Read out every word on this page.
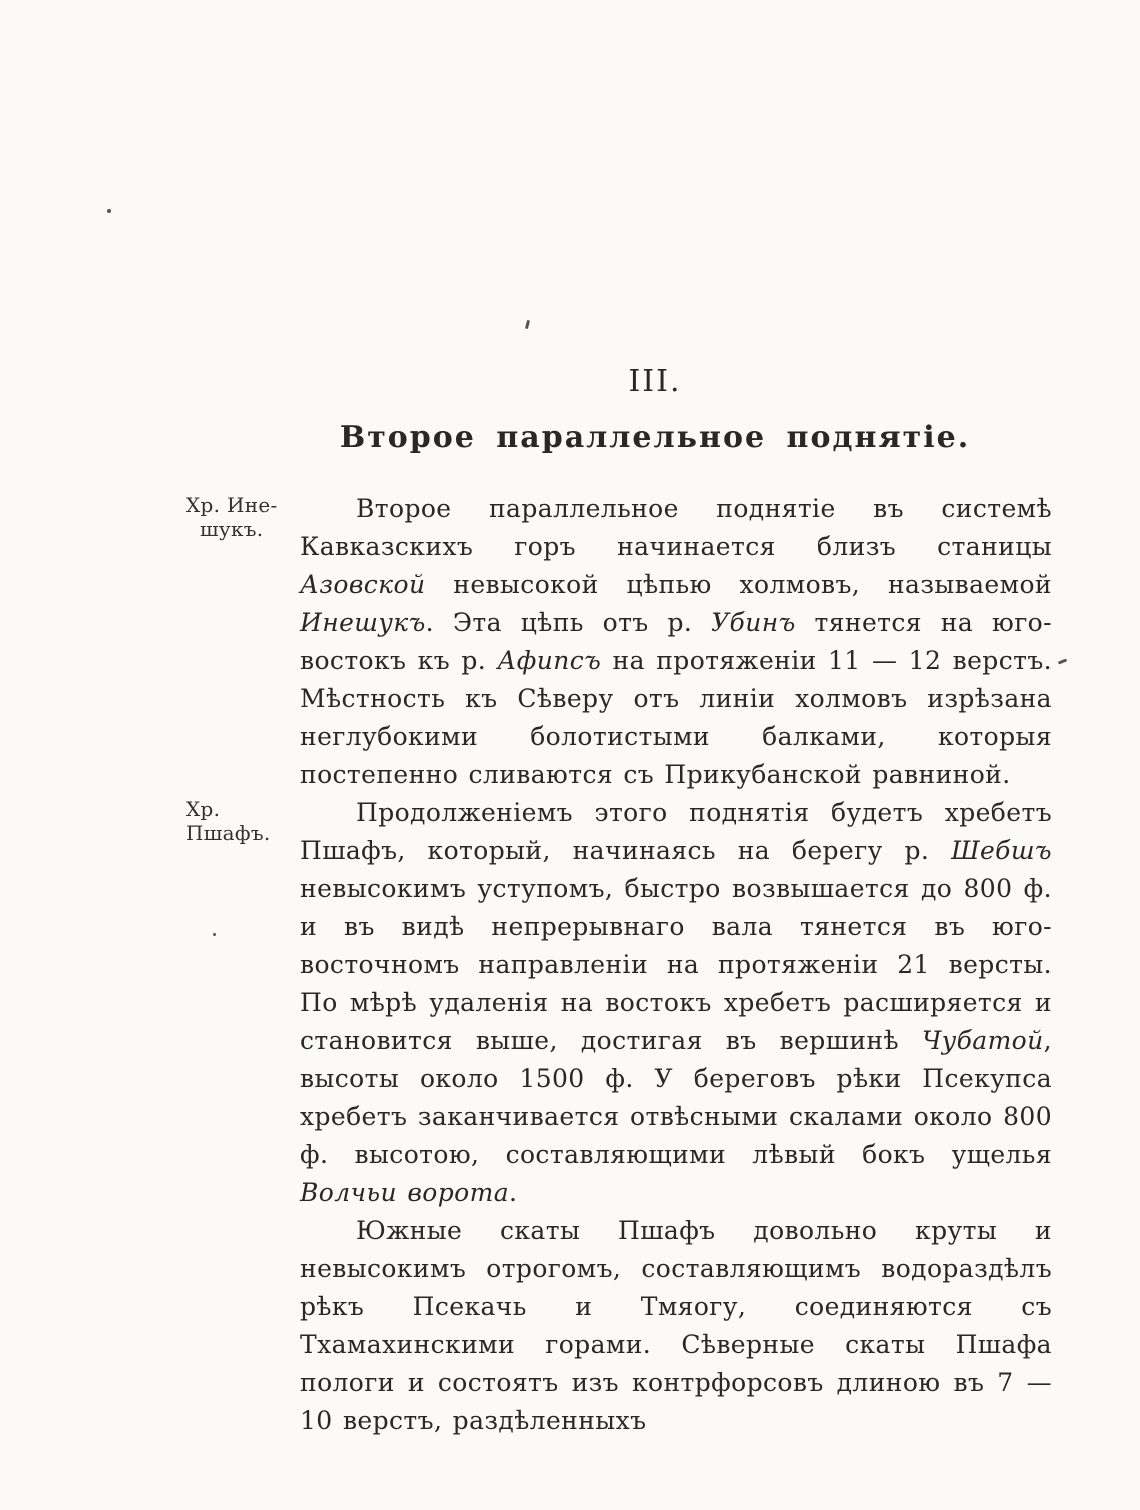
III.
Второе параллельное поднятіе.

Хр. Ине-
шукъ.
Второе параллельное поднятіе въ системѣ Кавказскихъ горъ начинается близъ станицы Азовской невысокой цѣпью холмовъ, называемой Инешукъ. Эта цѣпь отъ р. Убинъ тянется на юго-востокъ къ р. Афипсъ на протяженіи 11 — 12 верстъ. Мѣстность къ Сѣверу отъ линіи холмовъ изрѣзана неглубокими болотистыми балками, которыя постепенно сливаются съ Прикубанской равниной.

Хр. Пшафъ.
Продолженіемъ этого поднятія будетъ хребетъ Пшафъ, который, начинаясь на берегу р. Шебшъ невысокимъ уступомъ, быстро возвышается до 800 ф. и въ видѣ непрерывнаго вала тянется въ юго-восточномъ направленіи на протяженіи 21 версты. По мѣрѣ удаленія на востокъ хребетъ расширяется и становится выше, достигая въ вершинѣ Чубатой, высоты около 1500 ф. У береговъ рѣки Псекупса хребетъ заканчивается отвѣсными скалами около 800 ф. высотою, составляющими лѣвый бокъ ущелья Волчьи ворота.

Южные скаты Пшафъ довольно круты и невысокимъ отрогомъ, составляющимъ водораздѣлъ рѣкъ Псекачь и Тмяогу, соединяются съ Тхамахинскими горами. Сѣверные скаты Пшафа пологи и состоятъ изъ контрфорсовъ длиною въ 7 — 10 верстъ, раздѣленныхъ
